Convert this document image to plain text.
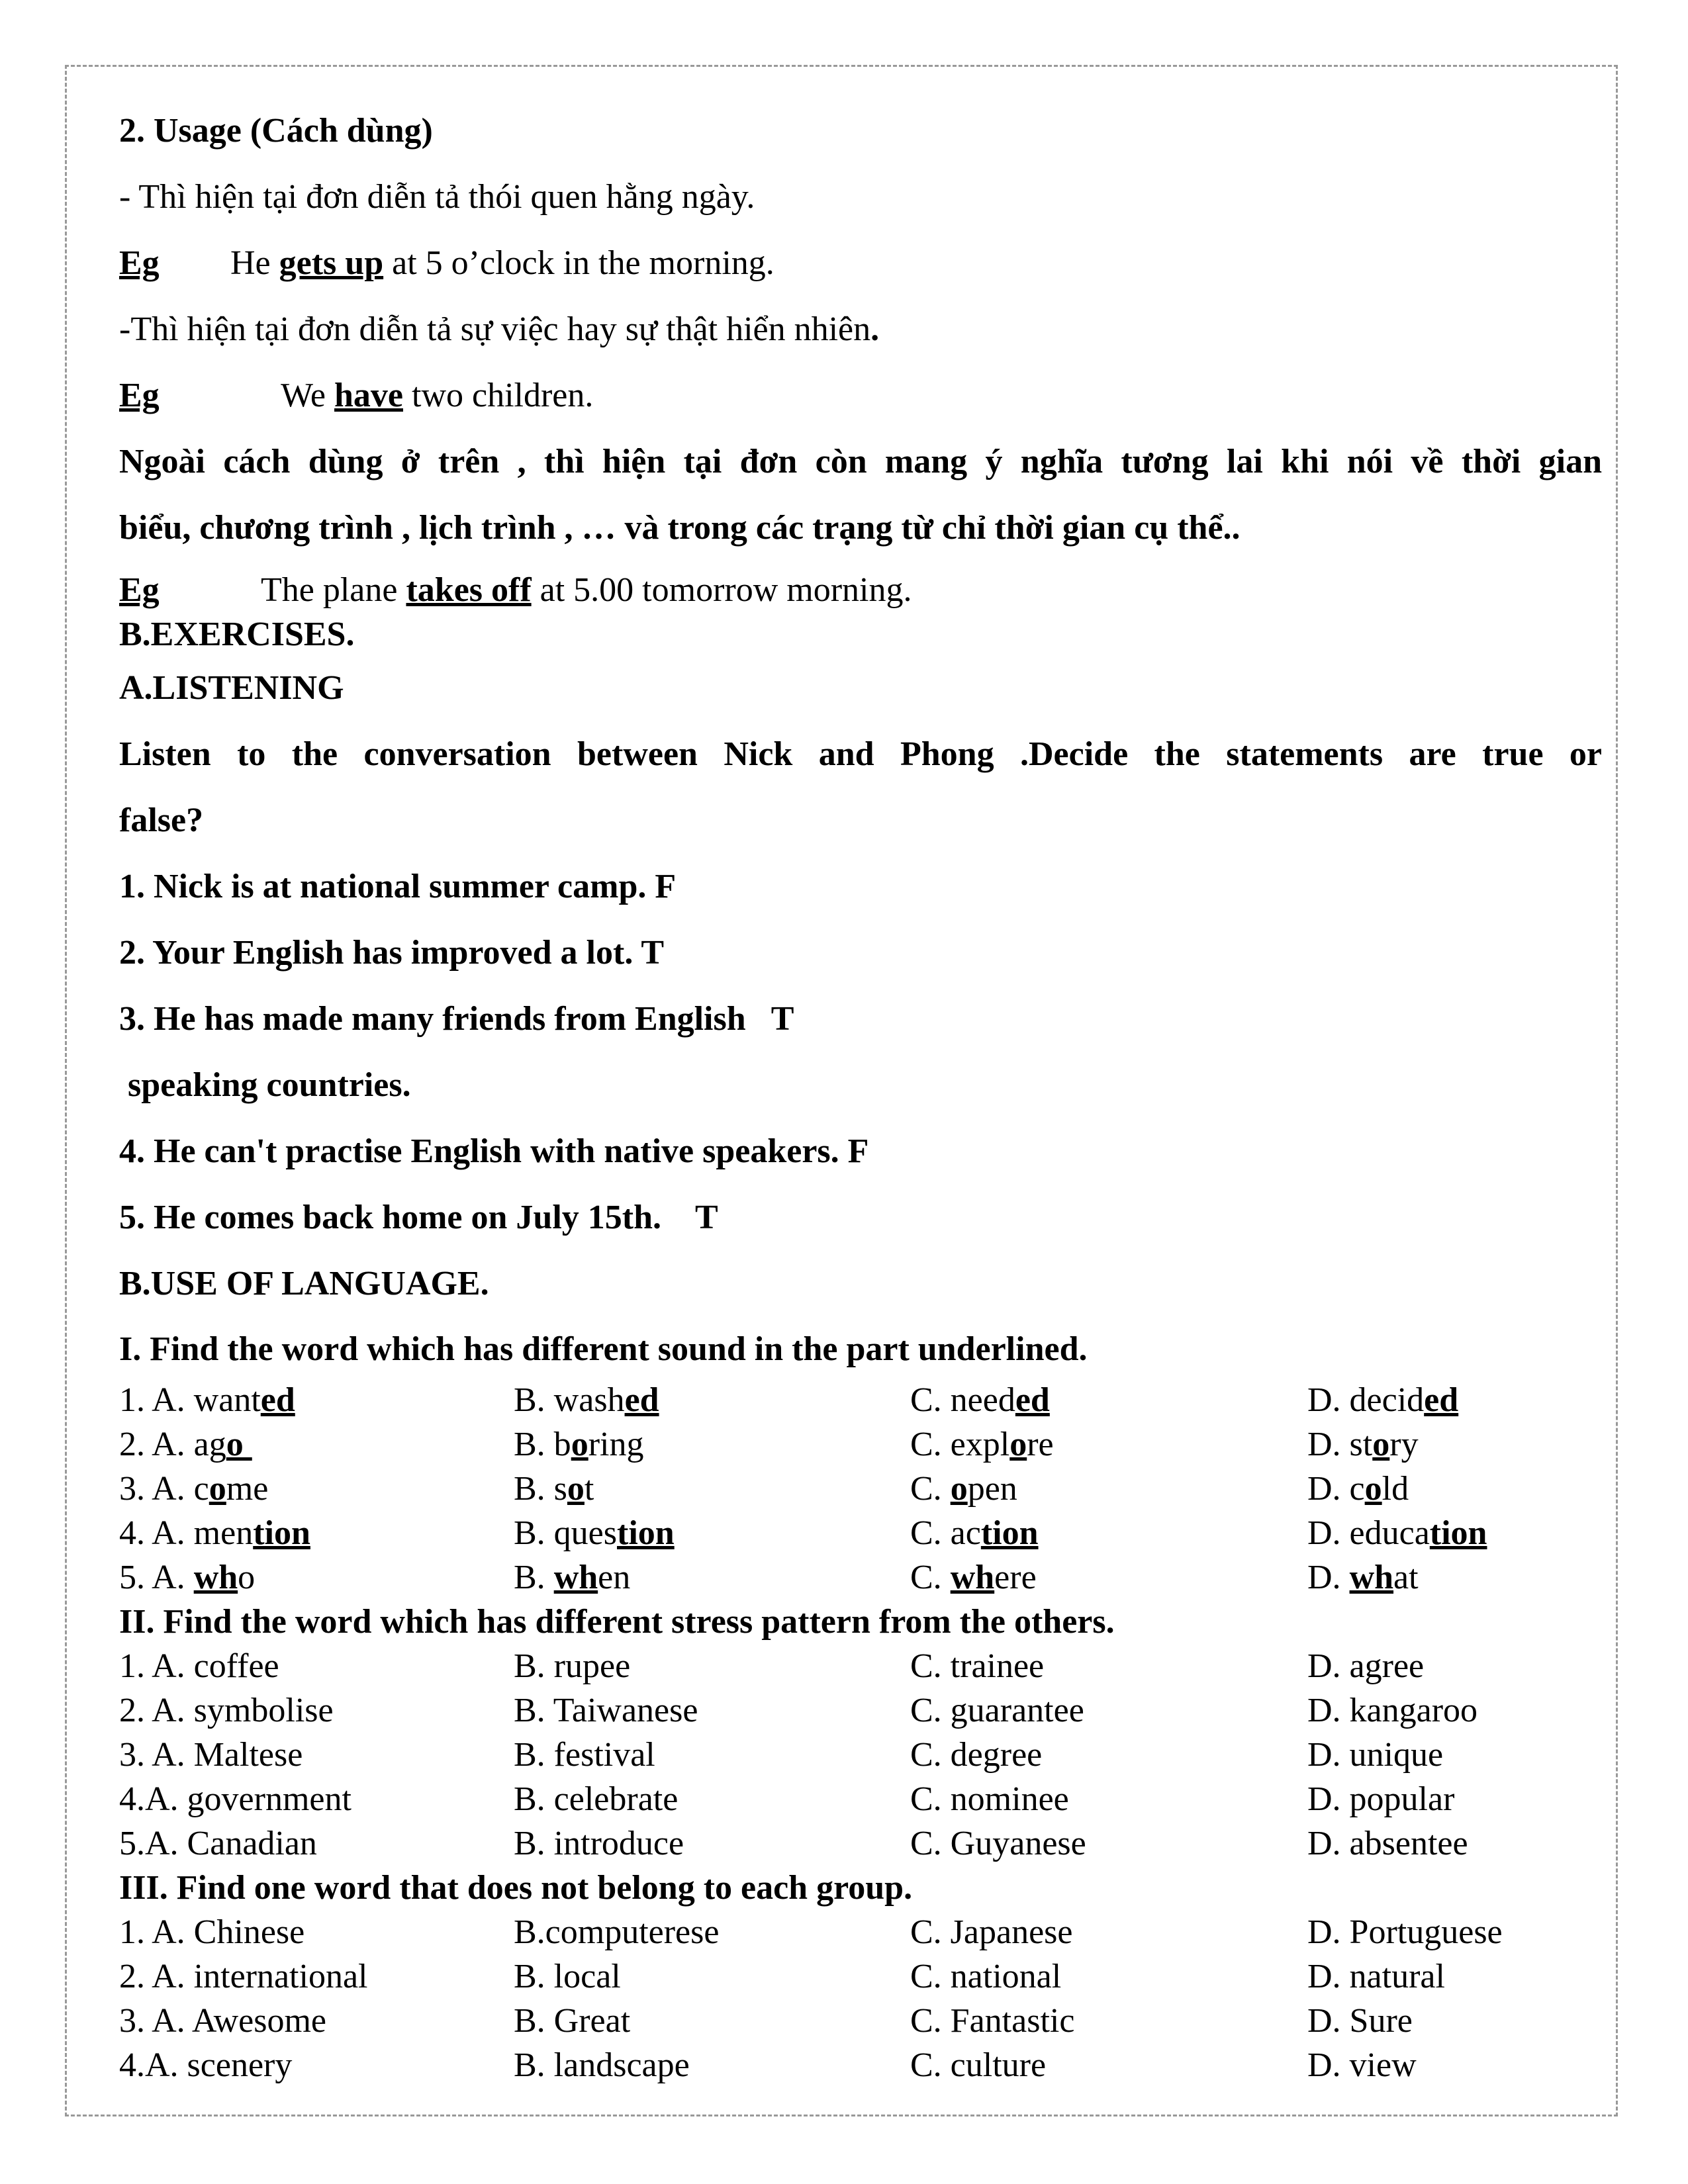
2. Usage (Cách dùng)
- Thì hiện tại đơn diễn tả thói quen hằng ngày.
Eg He gets up at 5 o’clock in the morning.
-Thì hiện tại đơn diễn tả sự việc hay sự thật hiển nhiên.
Eg	We have two children.
Ngoài cách dùng ở trên , thì hiện tại đơn còn mang ý nghĩa tương lai khi nói về thời gian
biểu, chương trình , lịch trình , … và trong các trạng từ chỉ thời gian cụ thể..
Eg	The plane takes off at 5.00 tomorrow morning.
B.EXERCISES.
A.LISTENING
Listen to the conversation between Nick and Phong .Decide the statements are true or
false?
1. Nick is at national summer camp. F
2. Your English has improved a lot. T
3. He has made many friends from English   T
speaking countries.
4. He can't practise English with native speakers. F
5. He comes back home on July 15th.    T
B.USE OF LANGUAGE.
I. Find the word which has different sound in the part underlined.
1. A. wanted	B. washed	C. needed	D. decided
2. A. ago	B. boring	C. explore	D. story
3. A. come	B. sot	C. open	D. cold
4. A. mention	B. question	C. action	D. education
5. A. who	B. when	C. where	D. what
II. Find the word which has different stress pattern from the others.
1. A. coffee	B. rupee	C. trainee	D. agree
2. A. symbolise	B. Taiwanese	C. guarantee	D. kangaroo
3. A. Maltese	B. festival	C. degree	D. unique
4.A. government	B. celebrate	C. nominee	D. popular
5.A. Canadian	B. introduce	C. Guyanese	D. absentee
III. Find one word that does not belong to each group.
1. A. Chinese	B.computerese	C. Japanese	D. Portuguese
2. A. international	B. local	C. national	D. natural
3. A. Awesome	B. Great	C. Fantastic	D. Sure
4.A. scenery	B. landscape	C. culture	D. view
